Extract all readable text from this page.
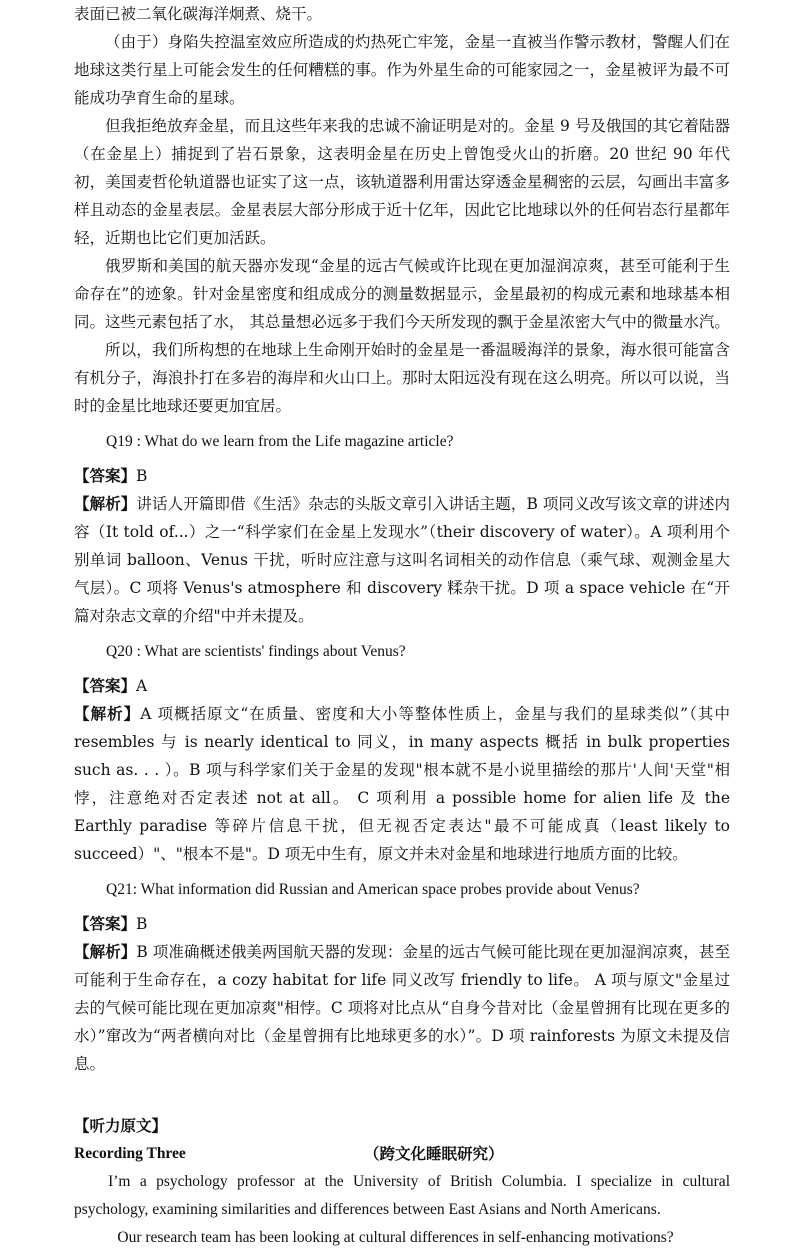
表面已被二氧化碳海洋炯煮、烧干。

（由于）身陷失控温室效应所造成的灼热死亡牢笼，金星一直被当作警示教材，警醒人们在地球这类行星上可能会发生的任何糟糕的事。作为外星生命的可能家园之一，金星被评为最不可能成功孕育生命的星球。

但我拒绝放弃金星，而且这些年来我的忠诚不渝证明是对的。金星 9 号及俄国的其它着陆器（在金星上）捕捉到了岩石景象，这表明金星在历史上曾饱受火山的折磨。20 世纪 90 年代初，美国麦哲伦轨道器也证实了这一点，该轨道器利用雷达穿透金星稠密的云层，勾画出丰富多样且动态的金星表层。金星表层大部分形成于近十亿年，因此它比地球以外的任何岩态行星都年轻，近期也比它们更加活跃。

俄罗斯和美国的航天器亦发现“金星的远古气候或许比现在更加湿润凉爽，甚至可能利于生命存在”的迹象。针对金星密度和组成成分的测量数据显示，金星最初的构成元素和地球基本相同。这些元素包括了水， 其总量想必远多于我们今天所发现的飘于金星浓密大气中的微量水汽。

所以，我们所构想的在地球上生命刚开始时的金星是一番温暖海洋的景象，海水很可能富含有机分子，海浪扑打在多岩的海岸和火山口上。那时太阳远没有现在这么明亮。所以可以说，当时的金星比地球还要更加宜居。

Q19 : What do we learn from the Life magazine article?

【答案】B

【解析】讲话人开篇即借《生活》杂志的头版文章引入讲话主题，B 项同义改写该文章的讲述内容（It told of...）之一“科学家们在金星上发现水”（their discovery of water）。A 项利用个别单词 balloon、Venus 干扰，听时应注意与这叫名词相关的动作信息（乘气球、观测金星大气层）。C 项将 Venus's atmosphere 和 discovery 糅杂干扰。D 项 a space vehicle 在“开篇对杂志文章的介绍"中并未提及。

Q20 : What are scientists' findings about Venus?

【答案】A

【解析】A 项概括原文“在质量、密度和大小等整体性质上，金星与我们的星球类似”（其中 resembles 与 is nearly identical to 同义，in many aspects 概括 in bulk properties such as. . . ）。B 项与科学家们关于金星的发现"根本就不是小说里描绘的那片'人间'天堂"相悖，注意绝对否定表述 not at all。 C 项利用 a possible home for alien life 及 the Earthly paradise 等碎片信息干扰，但无视否定表达"最不可能成真（least likely to succeed）"、"根本不是"。D 项无中生有，原文并未对金星和地球进行地质方面的比较。

Q21: What information did Russian and American space probes provide about Venus?

【答案】B

【解析】B 项准确概述俄美两国航天器的发现：金星的远古气候可能比现在更加湿润凉爽，甚至可能利于生命存在，a cozy habitat for life 同义改写 friendly to life。 A 项与原文"金星过去的气候可能比现在更加凉爽"相悖。C 项将对比点从“自身今昔对比（金星曾拥有比现在更多的水）”窜改为“两者横向对比（金星曾拥有比地球更多的水）”。D 项 rainforests 为原文未提及信息。

【听力原文】

Recording Three	（跨文化睡眠研究）

I’m a psychology professor at the University of British Columbia. I specialize in cultural psychology, examining similarities and differences between East Asians and North Americans.

Our research team has been looking at cultural differences in self-enhancing motivations?
